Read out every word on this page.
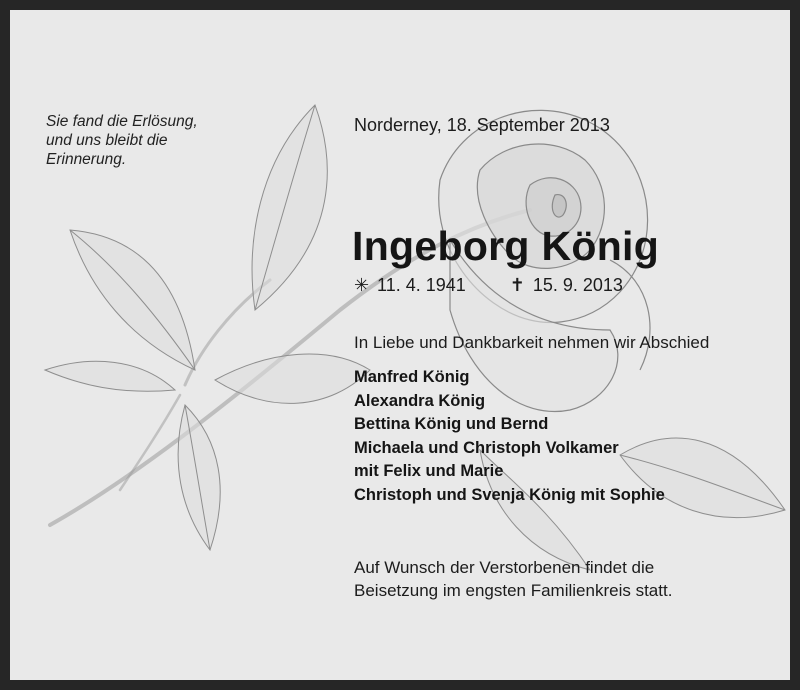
Sie fand die Erlösung,
und uns bleibt die
Erinnerung.
Norderney, 18. September 2013
Ingeborg König
✳ 11. 4. 1941 ✝ 15. 9. 2013
In Liebe und Dankbarkeit nehmen wir Abschied
Manfred König
Alexandra König
Bettina König und Bernd
Michaela und Christoph Volkamer
mit Felix und Marie
Christoph und Svenja König mit Sophie
Auf Wunsch der Verstorbenen findet die
Beisetzung im engsten Familienkreis statt.
